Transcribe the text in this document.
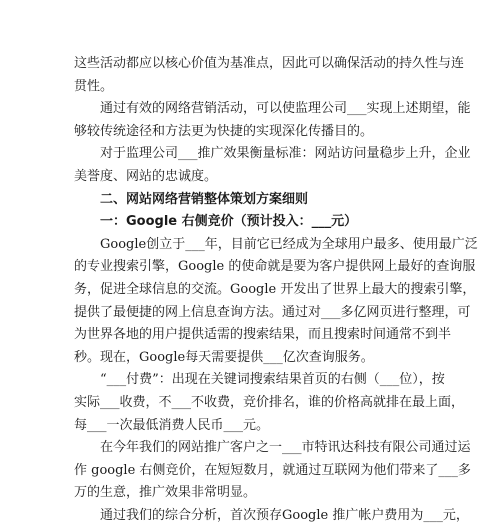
这些活动都应以核心价值为基准点，因此可以确保活动的持久性与连
贯性。
通过有效的网络营销活动，可以使监理公司___实现上述期望，能
够较传统途径和方法更为快捷的实现深化传播目的。
对于监理公司___推广效果衡量标准：网站访问量稳步上升，企业
美誉度、网站的忠诚度。
二、网站网络营销整体策划方案细则
一：Google 右侧竞价（预计投入：___元）
Google创立于___年，目前它已经成为全球用户最多、使用最广泛
的专业搜索引擎，Google 的使命就是要为客户提供网上最好的查询服
务，促进全球信息的交流。Google 开发出了世界上最大的搜索引擎，
提供了最便捷的网上信息查询方法。通过对___多亿网页进行整理，可
为世界各地的用户提供适需的搜索结果，而且搜索时间通常不到半
秒。现在，Google每天需要提供___亿次查询服务。
“___付费”：出现在关键词搜索结果首页的右侧（___位），按
实际___收费，不___不收费，竞价排名，谁的价格高就排在最上面，
每___一次最低消费人民币___元。
在今年我们的网站推广客户之一___市特讯达科技有限公司通过运
作 google 右侧竞价，在短短数月，就通过互联网为他们带来了___多
万的生意，推广效果非常明显。
通过我们的综合分析，首次预存Google 推广帐户费用为___元，
